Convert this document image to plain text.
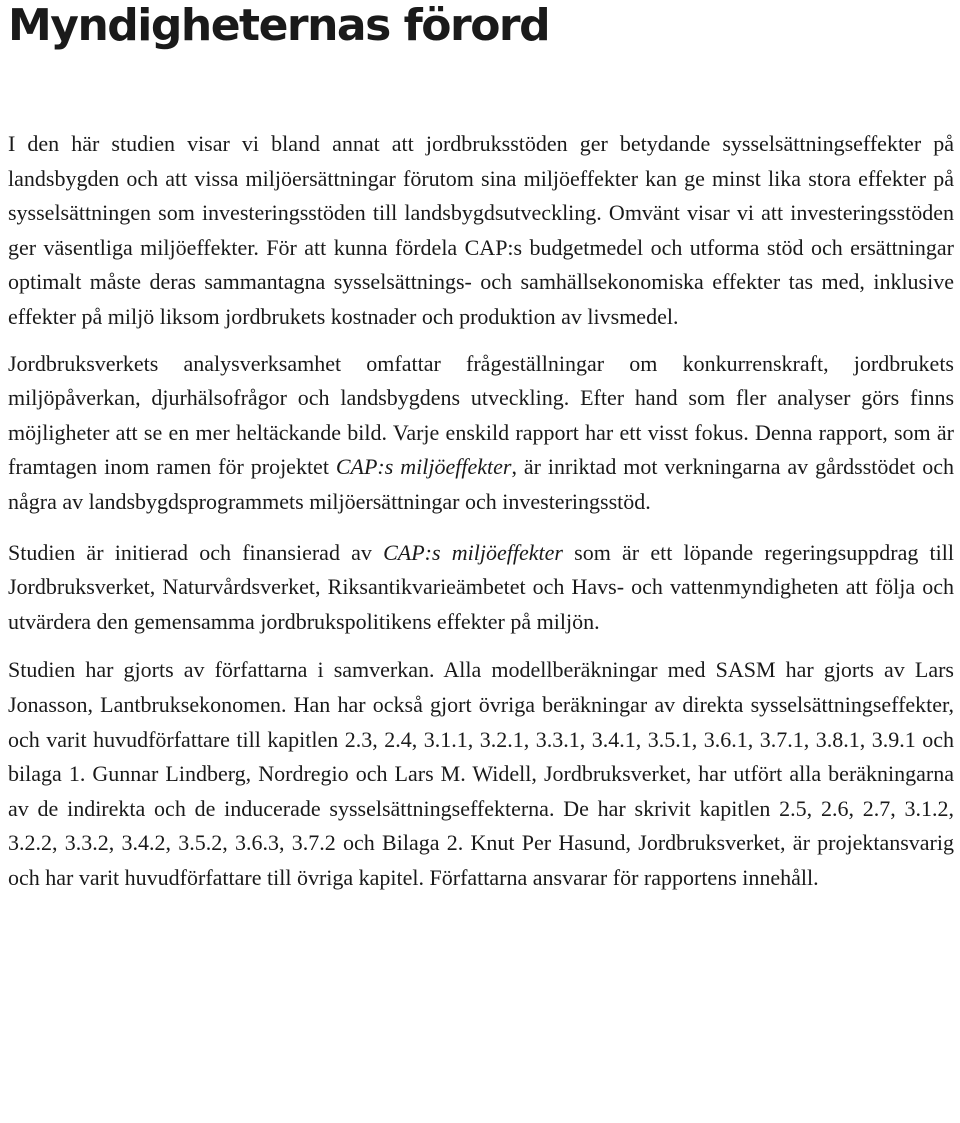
Myndigheternas förord

I den här studien visar vi bland annat att jordbruksstöden ger betydande sysselsättningseffekter på landsbygden och att vissa miljöersättningar förutom sina miljöeffekter kan ge minst lika stora effekter på sysselsättningen som investeringsstöden till landsbygdsutveckling. Omvänt visar vi att investeringsstöden ger väsentliga miljöeffekter. För att kunna fördela CAP:s budgetmedel och utforma stöd och ersättningar optimalt måste deras sammantagna sysselsättnings- och samhällsekonomiska effekter tas med, inklusive effekter på miljö liksom jordbrukets kostnader och produktion av livsmedel.

Jordbruksverkets analysverksamhet omfattar frågeställningar om konkurrenskraft, jordbrukets miljöpåverkan, djurhälsofrågor och landsbygdens utveckling. Efter hand som fler analyser görs finns möjligheter att se en mer heltäckande bild. Varje enskild rapport har ett visst fokus. Denna rapport, som är framtagen inom ramen för projektet CAP:s miljöeffekter, är inriktad mot verkningarna av gårdsstödet och några av landsbygdsprogrammets miljöersättningar och investeringsstöd.

Studien är initierad och finansierad av CAP:s miljöeffekter som är ett löpande regeringsuppdrag till Jordbruksverket, Naturvårdsverket, Riksantikvarieämbetet och Havs- och vattenmyndigheten att följa och utvärdera den gemensamma jordbrukspolitikens effekter på miljön.

Studien har gjorts av författarna i samverkan. Alla modellberäkningar med SASM har gjorts av Lars Jonasson, Lantbruksekonomen. Han har också gjort övriga beräkningar av direkta sysselsättningseffekter, och varit huvudförfattare till kapitlen 2.3, 2.4, 3.1.1, 3.2.1, 3.3.1, 3.4.1, 3.5.1, 3.6.1, 3.7.1, 3.8.1, 3.9.1 och bilaga 1. Gunnar Lindberg, Nordregio och Lars M. Widell, Jordbruksverket, har utfört alla beräkningarna av de indirekta och de inducerade sysselsättningseffekterna. De har skrivit kapitlen 2.5, 2.6, 2.7, 3.1.2, 3.2.2, 3.3.2, 3.4.2, 3.5.2, 3.6.3, 3.7.2 och Bilaga 2. Knut Per Hasund, Jordbruksverket, är projektansvarig och har varit huvudförfattare till övriga kapitel. Författarna ansvarar för rapportens innehåll.
